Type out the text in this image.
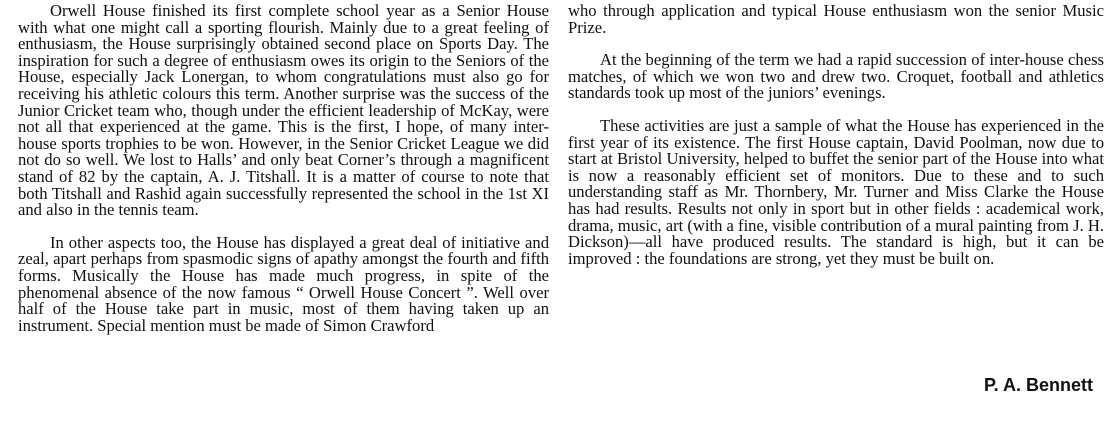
Orwell House finished its first complete school year as a Senior House with what one might call a sporting flourish. Mainly due to a great feeling of enthusiasm, the House surprisingly obtained second place on Sports Day. The inspiration for such a degree of enthusiasm owes its origin to the Seniors of the House, especially Jack Lonergan, to whom congratulations must also go for receiving his athletic colours this term. Another surprise was the success of the Junior Cricket team who, though under the efficient leadership of McKay, were not all that experienced at the game. This is the first, I hope, of many inter-house sports trophies to be won. However, in the Senior Cricket League we did not do so well. We lost to Halls’ and only beat Corner’s through a magnificent stand of 82 by the captain, A. J. Titshall. It is a matter of course to note that both Titshall and Rashid again successfully represented the school in the 1st XI and also in the tennis team.

In other aspects too, the House has displayed a great deal of initiative and zeal, apart perhaps from spasmodic signs of apathy amongst the fourth and fifth forms. Musically the House has made much progress, in spite of the phenomenal absence of the now famous “ Orwell House Concert ”. Well over half of the House take part in music, most of them having taken up an instrument. Special mention must be made of Simon Crawford

who through application and typical House enthusiasm won the senior Music Prize.

At the beginning of the term we had a rapid succession of inter-house chess matches, of which we won two and drew two. Croquet, football and athletics standards took up most of the juniors’ evenings.

These activities are just a sample of what the House has experienced in the first year of its existence. The first House captain, David Poolman, now due to start at Bristol University, helped to buffet the senior part of the House into what is now a reasonably efficient set of monitors. Due to these and to such understanding staff as Mr. Thornbery, Mr. Turner and Miss Clarke the House has had results. Results not only in sport but in other fields : academical work, drama, music, art (with a fine, visible contribution of a mural painting from J. H. Dickson)—all have produced results. The standard is high, but it can be improved : the foundations are strong, yet they must be built on.

P. A. Bennett
